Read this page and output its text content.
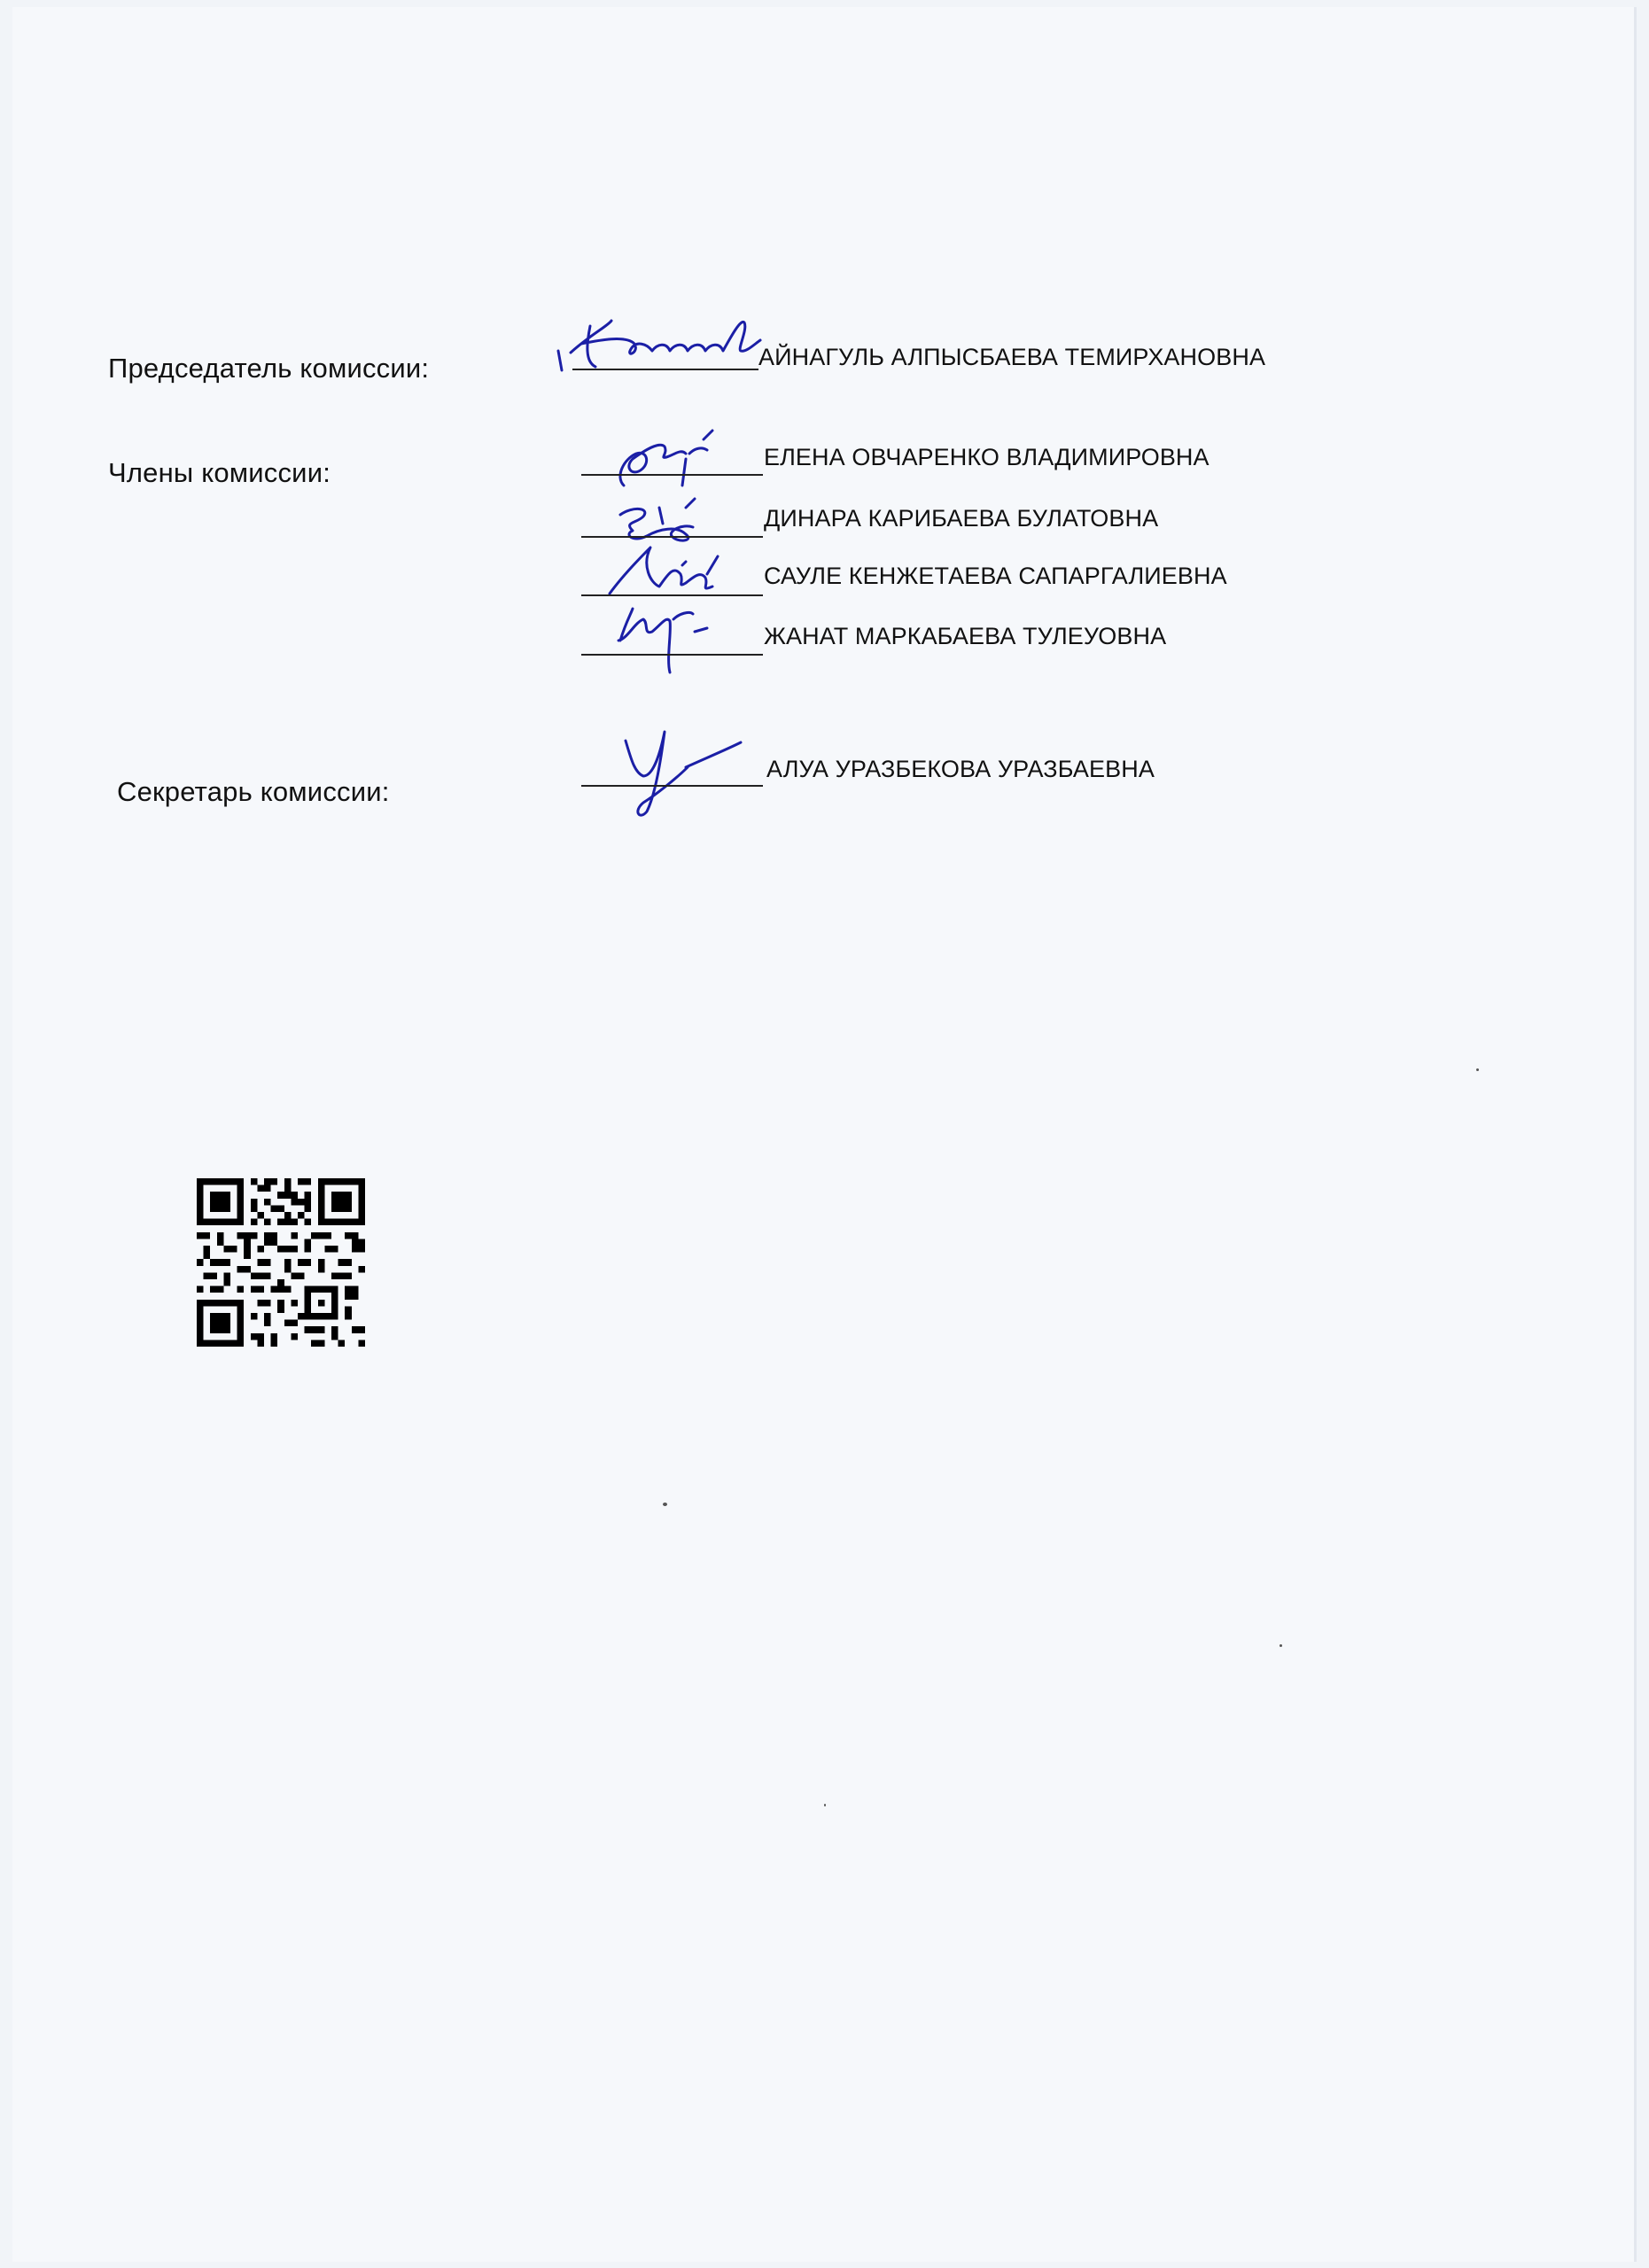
Председатель комиссии:	АЙНАГУЛЬ АЛПЫСБАЕВА ТЕМИРХАНОВНА
Члены комиссии:	ЕЛЕНА ОВЧАРЕНКО ВЛАДИМИРОВНА
ДИНАРА КАРИБАЕВА БУЛАТОВНА
САУЛЕ КЕНЖЕТАЕВА САПАРГАЛИЕВНА
ЖАНАТ МАРКАБАЕВА ТУЛЕУОВНА
Секретарь комиссии:
АЛУА УРАЗБЕКОВА УРАЗБАЕВНА
